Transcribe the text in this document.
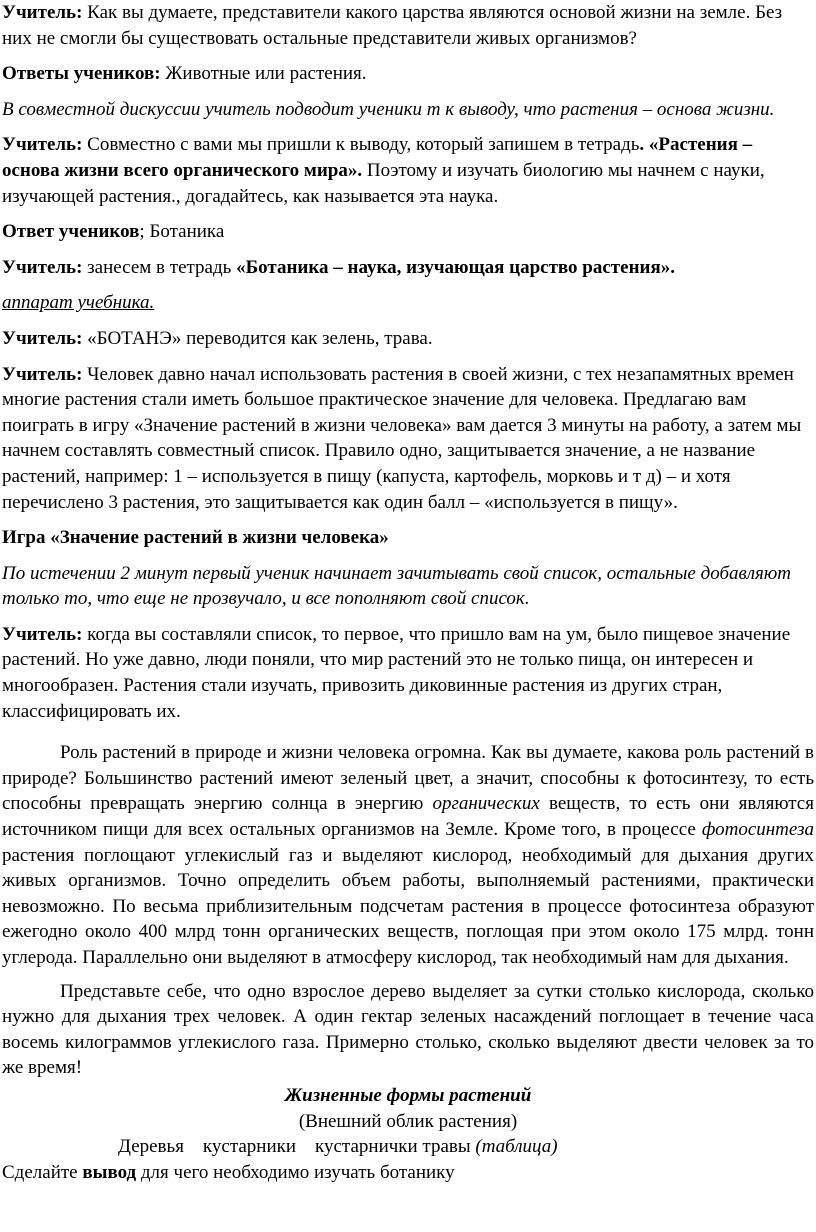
Учитель: Как вы думаете, представители какого царства являются основой жизни на земле. Без них не смогли бы существовать остальные представители живых организмов?

Ответы учеников: Животные или растения.

В совместной дискуссии учитель подводит ученики т к выводу, что растения – основа жизни.

Учитель: Совместно с вами мы пришли к выводу, который запишем в тетрадь. «Растения – основа жизни всего органического мира». Поэтому и изучать биологию мы начнем с науки, изучающей растения., догадайтесь, как называется эта наука.

Ответ учеников; Ботаника

Учитель: занесем в тетрадь «Ботаника – наука, изучающая царство растения».

аппарат учебника.

Учитель: «БОТАНЭ» переводится как зелень, трава.

Учитель: Человек давно начал использовать растения в своей жизни, с тех незапамятных времен многие растения стали иметь большое практическое значение для человека. Предлагаю вам поиграть в игру «Значение растений в жизни человека» вам дается 3 минуты на работу, а затем мы начнем составлять совместный список. Правило одно, защитывается значение, а не название растений, например: 1 – используется в пищу (капуста, картофель, морковь и т д) – и хотя перечислено 3 растения, это защитывается как один балл – «используется в пищу».

Игра «Значение растений в жизни человека»

По истечении 2 минут первый ученик начинает зачитывать свой список, остальные добавляют только то, что еще не прозвучало, и все пополняют свой список.

Учитель: когда вы составляли список, то первое, что пришло вам на ум, было пищевое значение растений. Но уже давно, люди поняли, что мир растений это не только пища, он интересен и многообразен. Растения стали изучать, привозить диковинные растения из других стран, классифицировать их.

Роль растений в природе и жизни человека огромна. Как вы думаете, какова роль растений в природе? Большинство растений имеют зеленый цвет, а значит, способны к фотосинтезу, то есть способны превращать энергию солнца в энергию органических веществ, то есть они являются источником пищи для всех остальных организмов на Земле. Кроме того, в процессе фотосинтеза растения поглощают углекислый газ и выделяют кислород, необходимый для дыхания других живых организмов. Точно определить объем работы, выполняемый растениями, практически невозможно. По весьма приблизительным подсчетам растения в процессе фотосинтеза образуют ежегодно около 400 млрд тонн органических веществ, поглощая при этом около 175 млрд. тонн углерода. Параллельно они выделяют в атмосферу кислород, так необходимый нам для дыхания.

Представьте себе, что одно взрослое дерево выделяет за сутки столько кислорода, сколько нужно для дыхания трех человек. А один гектар зеленых насаждений поглощает в течение часа восемь килограммов углекислого газа. Примерно столько, сколько выделяют двести человек за то же время!

Жизненные формы растений

(Внешний облик растения)

Деревья    кустарники    кустарнички травы (таблица)

Сделайте вывод для чего необходимо изучать ботанику
